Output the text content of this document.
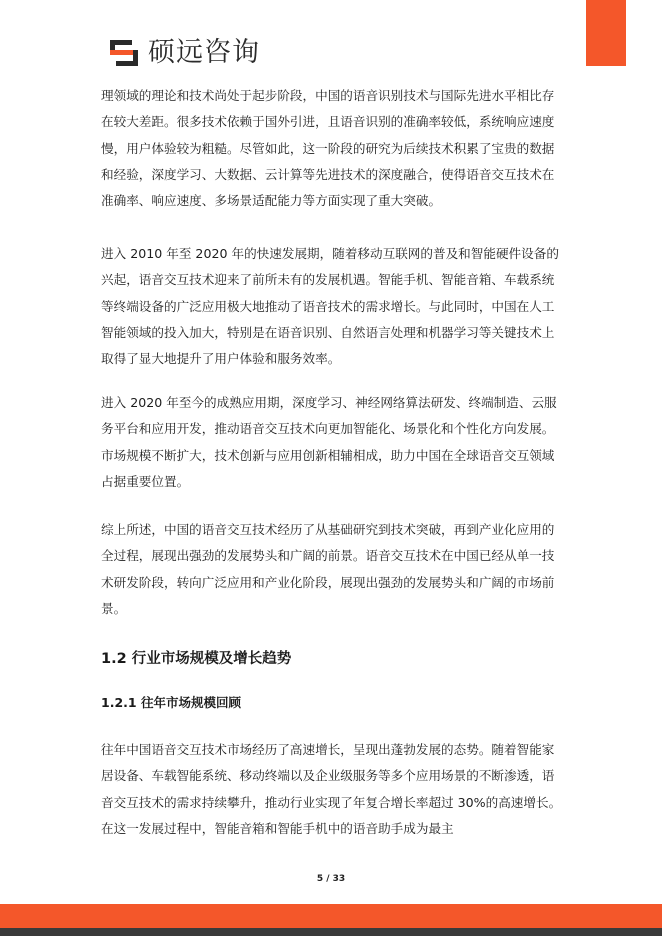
硕远咨询

理领域的理论和技术尚处于起步阶段，中国的语音识别技术与国际先进水平相比存在较大差距。很多技术依赖于国外引进，且语音识别的准确率较低，系统响应速度慢，用户体验较为粗糙。尽管如此，这一阶段的研究为后续技术积累了宝贵的数据和经验，深度学习、大数据、云计算等先进技术的深度融合，使得语音交互技术在准确率、响应速度、多场景适配能力等方面实现了重大突破。

进入 2010 年至 2020 年的快速发展期，随着移动互联网的普及和智能硬件设备的兴起，语音交互技术迎来了前所未有的发展机遇。智能手机、智能音箱、车载系统等终端设备的广泛应用极大地推动了语音技术的需求增长。与此同时，中国在人工智能领域的投入加大，特别是在语音识别、自然语言处理和机器学习等关键技术上取得了显大地提升了用户体验和服务效率。

进入 2020 年至今的成熟应用期，深度学习、神经网络算法研发、终端制造、云服务平台和应用开发，推动语音交互技术向更加智能化、场景化和个性化方向发展。市场规模不断扩大，技术创新与应用创新相辅相成，助力中国在全球语音交互领域占据重要位置。

综上所述，中国的语音交互技术经历了从基础研究到技术突破，再到产业化应用的全过程，展现出强劲的发展势头和广阔的前景。语音交互技术在中国已经从单一技术研发阶段，转向广泛应用和产业化阶段，展现出强劲的发展势头和广阔的市场前景。

1.2 行业市场规模及增长趋势
1.2.1 往年市场规模回顾

往年中国语音交互技术市场经历了高速增长，呈现出蓬勃发展的态势。随着智能家居设备、车载智能系统、移动终端以及企业级服务等多个应用场景的不断渗透，语音交互技术的需求持续攀升，推动行业实现了年复合增长率超过 30%的高速增长。在这一发展过程中，智能音箱和智能手机中的语音助手成为最主

5 / 33
